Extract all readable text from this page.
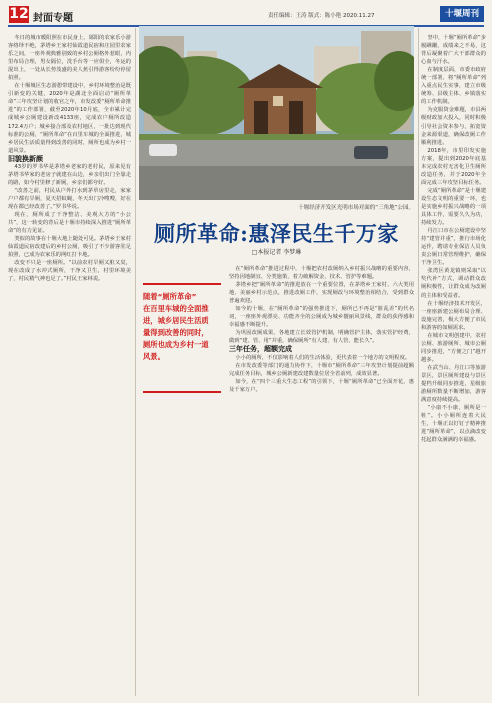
12 封面专题	责任编辑：王涛 版式：陈小艳 2020.11.27	十堰周刊

冬日的城市暖阳照在市民身上，郧阳的农家乐小游客络绎不绝，茅塔乡王家村仙霞道民宿和庄园里农家乐之间，一座外观典雅别致的乡村公厕格外惹眼，内里布局合理，男女隔位，洗手台等一应俱全，冬运的混出上，一处从长势茂盛的美人蕉引得游客纷纷停留拍照。

在十堰城区生态游憩带建设中，乡村环境整治是既引新变的关键，2020年是湖北全面启动“厕所革命”三年攻坚计划的收官之年，市发改委“厕所革命推进”的工作部署，截至2020年10月底，全市累计完成城乡公厕建设新改4133座，完成农户厕所改造172.4万户；城乡接合部及农村地区，一批达到现代标准的公厕，“厕所革命”在百里车城的全面推进，城乡居民生活质量得到改善的同时，厕所也成为乡村一道风景。

旧貌换新颜

43岁的罗书华是茅塔乡老家的老村民，原来见有茅塔书华家的老房子就建在山边，乡亲们出门全靠走的路，如今村里修了新厕，乡亲们都夸好。

“改善之前，村民从户外打水到茅草房里走，家家户户都有旱厕，夏天招蚊蝇，冬天出门冷嗖嗖，好在现在都已经改善了。”罗书华说。

现在，厕所成了干净整洁、美观大方的“小公共”，这一转变的背后是十堰市持续深入推进“厕所革命”的有力见证。

类似的故事在十堰大地上随处可见。茅塔乡王家村仙霞道民宿改建后的乡村公厕，吸引了不少游客驻足拍照，已成为农家乐的网红打卡地。

改变不只是一座厕所。“以前农村旱厕又脏又臭，现在改成了水冲式厕所，干净又卫生，村里环境美了，村民精气神也足了。”村民王家林说。

十堰经济开发区光明市场对面的“三角地”公园。
厕所革命:惠泽民生千万家
□本报记者 李梦琳
随着“厕所革命”
在百里车城的全面推
进，城乡居民生活质
量得到改善的同时，
厕所也成为乡村一道
风景。

在“厕所革命”推进过程中，十堰把农村改厕纳入乡村振兴战略的重要内容，坚持因地制宜、分类施策，着力破解资金、技术、管护等难题。

茅塔乡把“厕所革命”的推进放在一个重要位置，在茅塔乡王家村、六大类用地、美丽乡村示范点，推进改厕工作，实现厕改与环境整治相结合，受到群众普遍欢迎。

如今的十堰，在“厕所革命”的强势推进下，厕所已不再是“脏乱差”的代名词，一座座外观漂亮、功能齐全的公厕成为城乡靓丽风景线，群众的获得感和幸福感不断提升。

为巩固改厕成果，各地建立长效管护机制，明确管护主体，落实管护经费，做到“建、管、用”并重，确保厕所“有人建、有人管、能长久”。

三年任务，超额完成

小小的厕所，不仅影响着人们的生活体验，更代表着一个地方的文明程度。

在市发改委等部门的通力协作下，十堰市“厕所革命”三年攻坚计划提前超额完成任务目标，城乡公厕新建改建数量位居全省前列，成效显著。

如今，在“四个三重大生态工程”的引领下，十堰“厕所革命”已全面开花，惠及千家万户。

坚中，十堰“厕所革命”步履蹒跚，成绩来之不易，这背后凝聚着广大干部群众的心血与汗水。

在制度层面，市委市政府统一部署，将“厕所革命”列入重点民生实事，建立市级统筹、县级主体、乡镇落实的工作机制。

为克服资金难题，市县两级财政加大投入，同时积极引导社会资本参与，拓宽资金来源渠道，确保改厕工作顺利推进。

2018年，市里印发实施方案，提出到2020年底基本完成农村无害化卫生厕所改造任务，并于2020年全面完成三年攻坚目标任务。

完成“厕所革命”是十堰建设生态文明的重要一环，也是实施乡村振兴战略的一项具体工作，需要久久为功，持续发力。

丹江口市在公厕建设中坚持“建管并重”，推行市场化运作，聘请专业保洁人员负责公厕日常管理维护，确保干净卫生。

张湾区黄龙镇则采取“以奖代补”方式，调动群众改厕积极性，让群众成为改厕的主体和受益者。

在十堰经济技术开发区，一座座新建公厕布局合理、设施完善，极大方便了市民和游客的如厕需求。

在城市文明创建中，农村公厕、旅游厕所、城市公厕同步推进，“方便之门”越开越多。

在武当山、丹江口等旅游景区，景区厕所建设与景区提档升级同步推进，星级旅游厕所数量不断增加，游客满意度持续提高。

“小康不小康，厕所是一桩”。小小厕所连着大民生，十堰正以钉钉子精神推进“厕所革命”，以点滴改变托起群众满满的幸福感。
